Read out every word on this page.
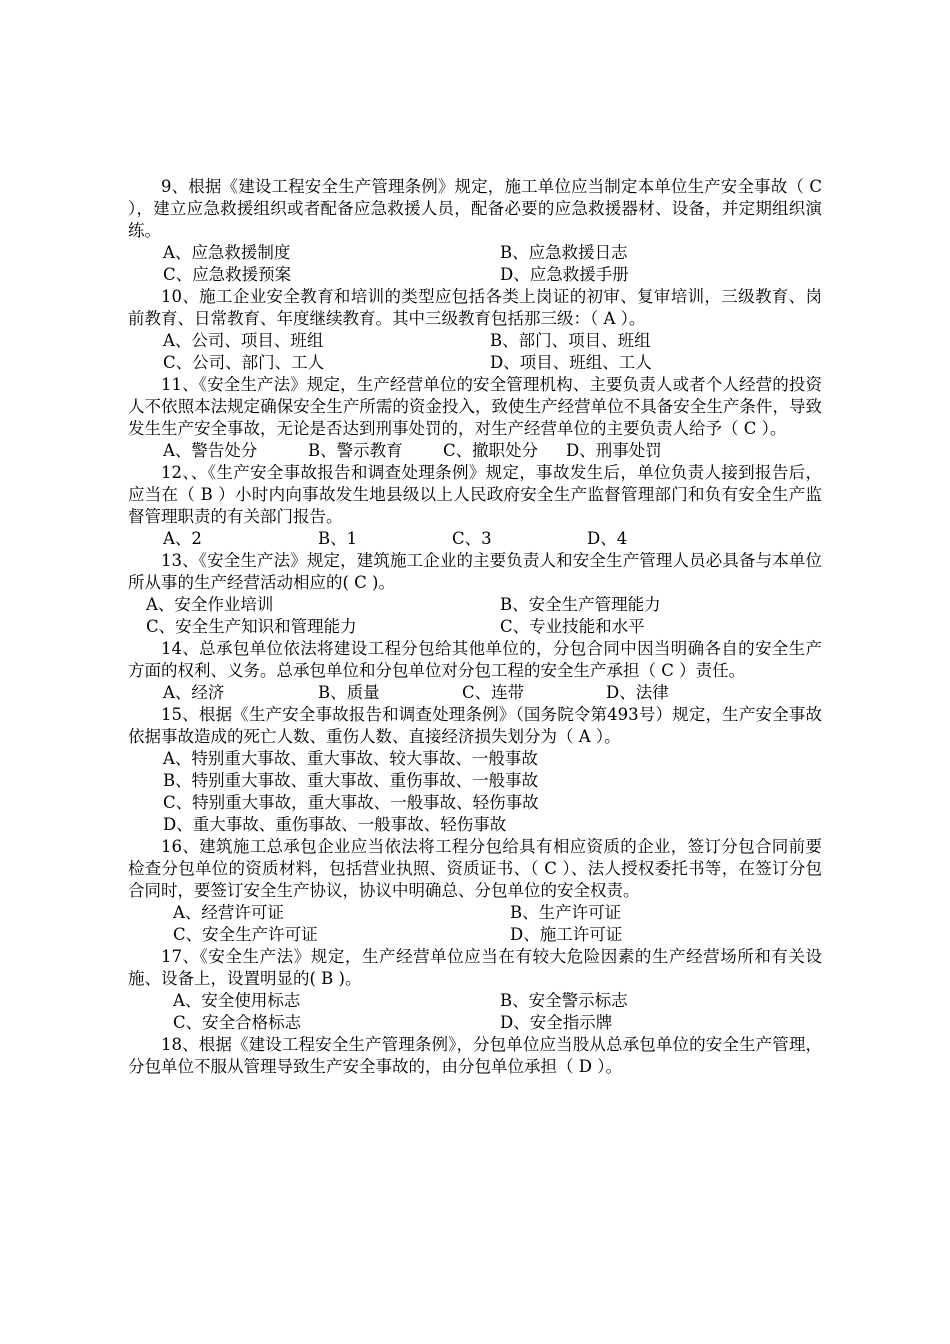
9、根据《建设工程安全生产管理条例》规定，施工单位应当制定本单位生产安全事故（ C ），建立应急救援组织或者配备应急救援人员，配备必要的应急救援器材、设备，并定期组织演练。

A、应急救援制度	B、应急救援日志
C、应急救援预案	D、应急救援手册

10、施工企业安全教育和培训的类型应包括各类上岗证的初审、复审培训，三级教育、岗前教育、日常教育、年度继续教育。其中三级教育包括那三级：（ A ）。

A、公司、项目、班组	B、部门、项目、班组
C、公司、部门、工人	D、项目、班组、工人

11、《安全生产法》规定，生产经营单位的安全管理机构、主要负责人或者个人经营的投资人不依照本法规定确保安全生产所需的资金投入，致使生产经营单位不具备安全生产条件，导致发生生产安全事故，无论是否达到刑事处罚的，对生产经营单位的主要负责人给予（ C ）。

A、警告处分	B、警示教育 C、撤职处分 D、刑事处罚

12、、《生产安全事故报告和调查处理条例》规定，事故发生后，单位负责人接到报告后，应当在（ B ）小时内向事故发生地县级以上人民政府安全生产监督管理部门和负有安全生产监督管理职责的有关部门报告。

A、2	B、1	C、3	D、4

13、《安全生产法》规定，建筑施工企业的主要负责人和安全生产管理人员必具备与本单位所从事的生产经营活动相应的( C )。

A、安全作业培训	B、安全生产管理能力
C、安全生产知识和管理能力	C、专业技能和水平

14、总承包单位依法将建设工程分包给其他单位的，分包合同中因当明确各自的安全生产方面的权利、义务。总承包单位和分包单位对分包工程的安全生产承担（ C ）责任。

A、经济	B、质量	C、连带	D、法律

15、根据《生产安全事故报告和调查处理条例》（国务院令第493号）规定，生产安全事故依据事故造成的死亡人数、重伤人数、直接经济损失划分为（ A ）。

A、特别重大事故、重大事故、较大事故、一般事故
B、特别重大事故、重大事故、重伤事故、一般事故
C、特别重大事故，重大事故、一般事故、轻伤事故
D、重大事故、重伤事故、一般事故、轻伤事故

16、建筑施工总承包企业应当依法将工程分包给具有相应资质的企业，签订分包合同前要检查分包单位的资质材料，包括营业执照、资质证书、（ C ）、法人授权委托书等，在签订分包合同时，要签订安全生产协议，协议中明确总、分包单位的安全权责。

A、经营许可证	B、生产许可证
C、安全生产许可证	D、施工许可证

17、《安全生产法》规定，生产经营单位应当在有较大危险因素的生产经营场所和有关设施、设备上，设置明显的( B )。

A、安全使用标志	B、安全警示标志
C、安全合格标志	D、安全指示牌

18、根据《建设工程安全生产管理条例》，分包单位应当股从总承包单位的安全生产管理，分包单位不服从管理导致生产安全事故的，由分包单位承担（ D ）。
